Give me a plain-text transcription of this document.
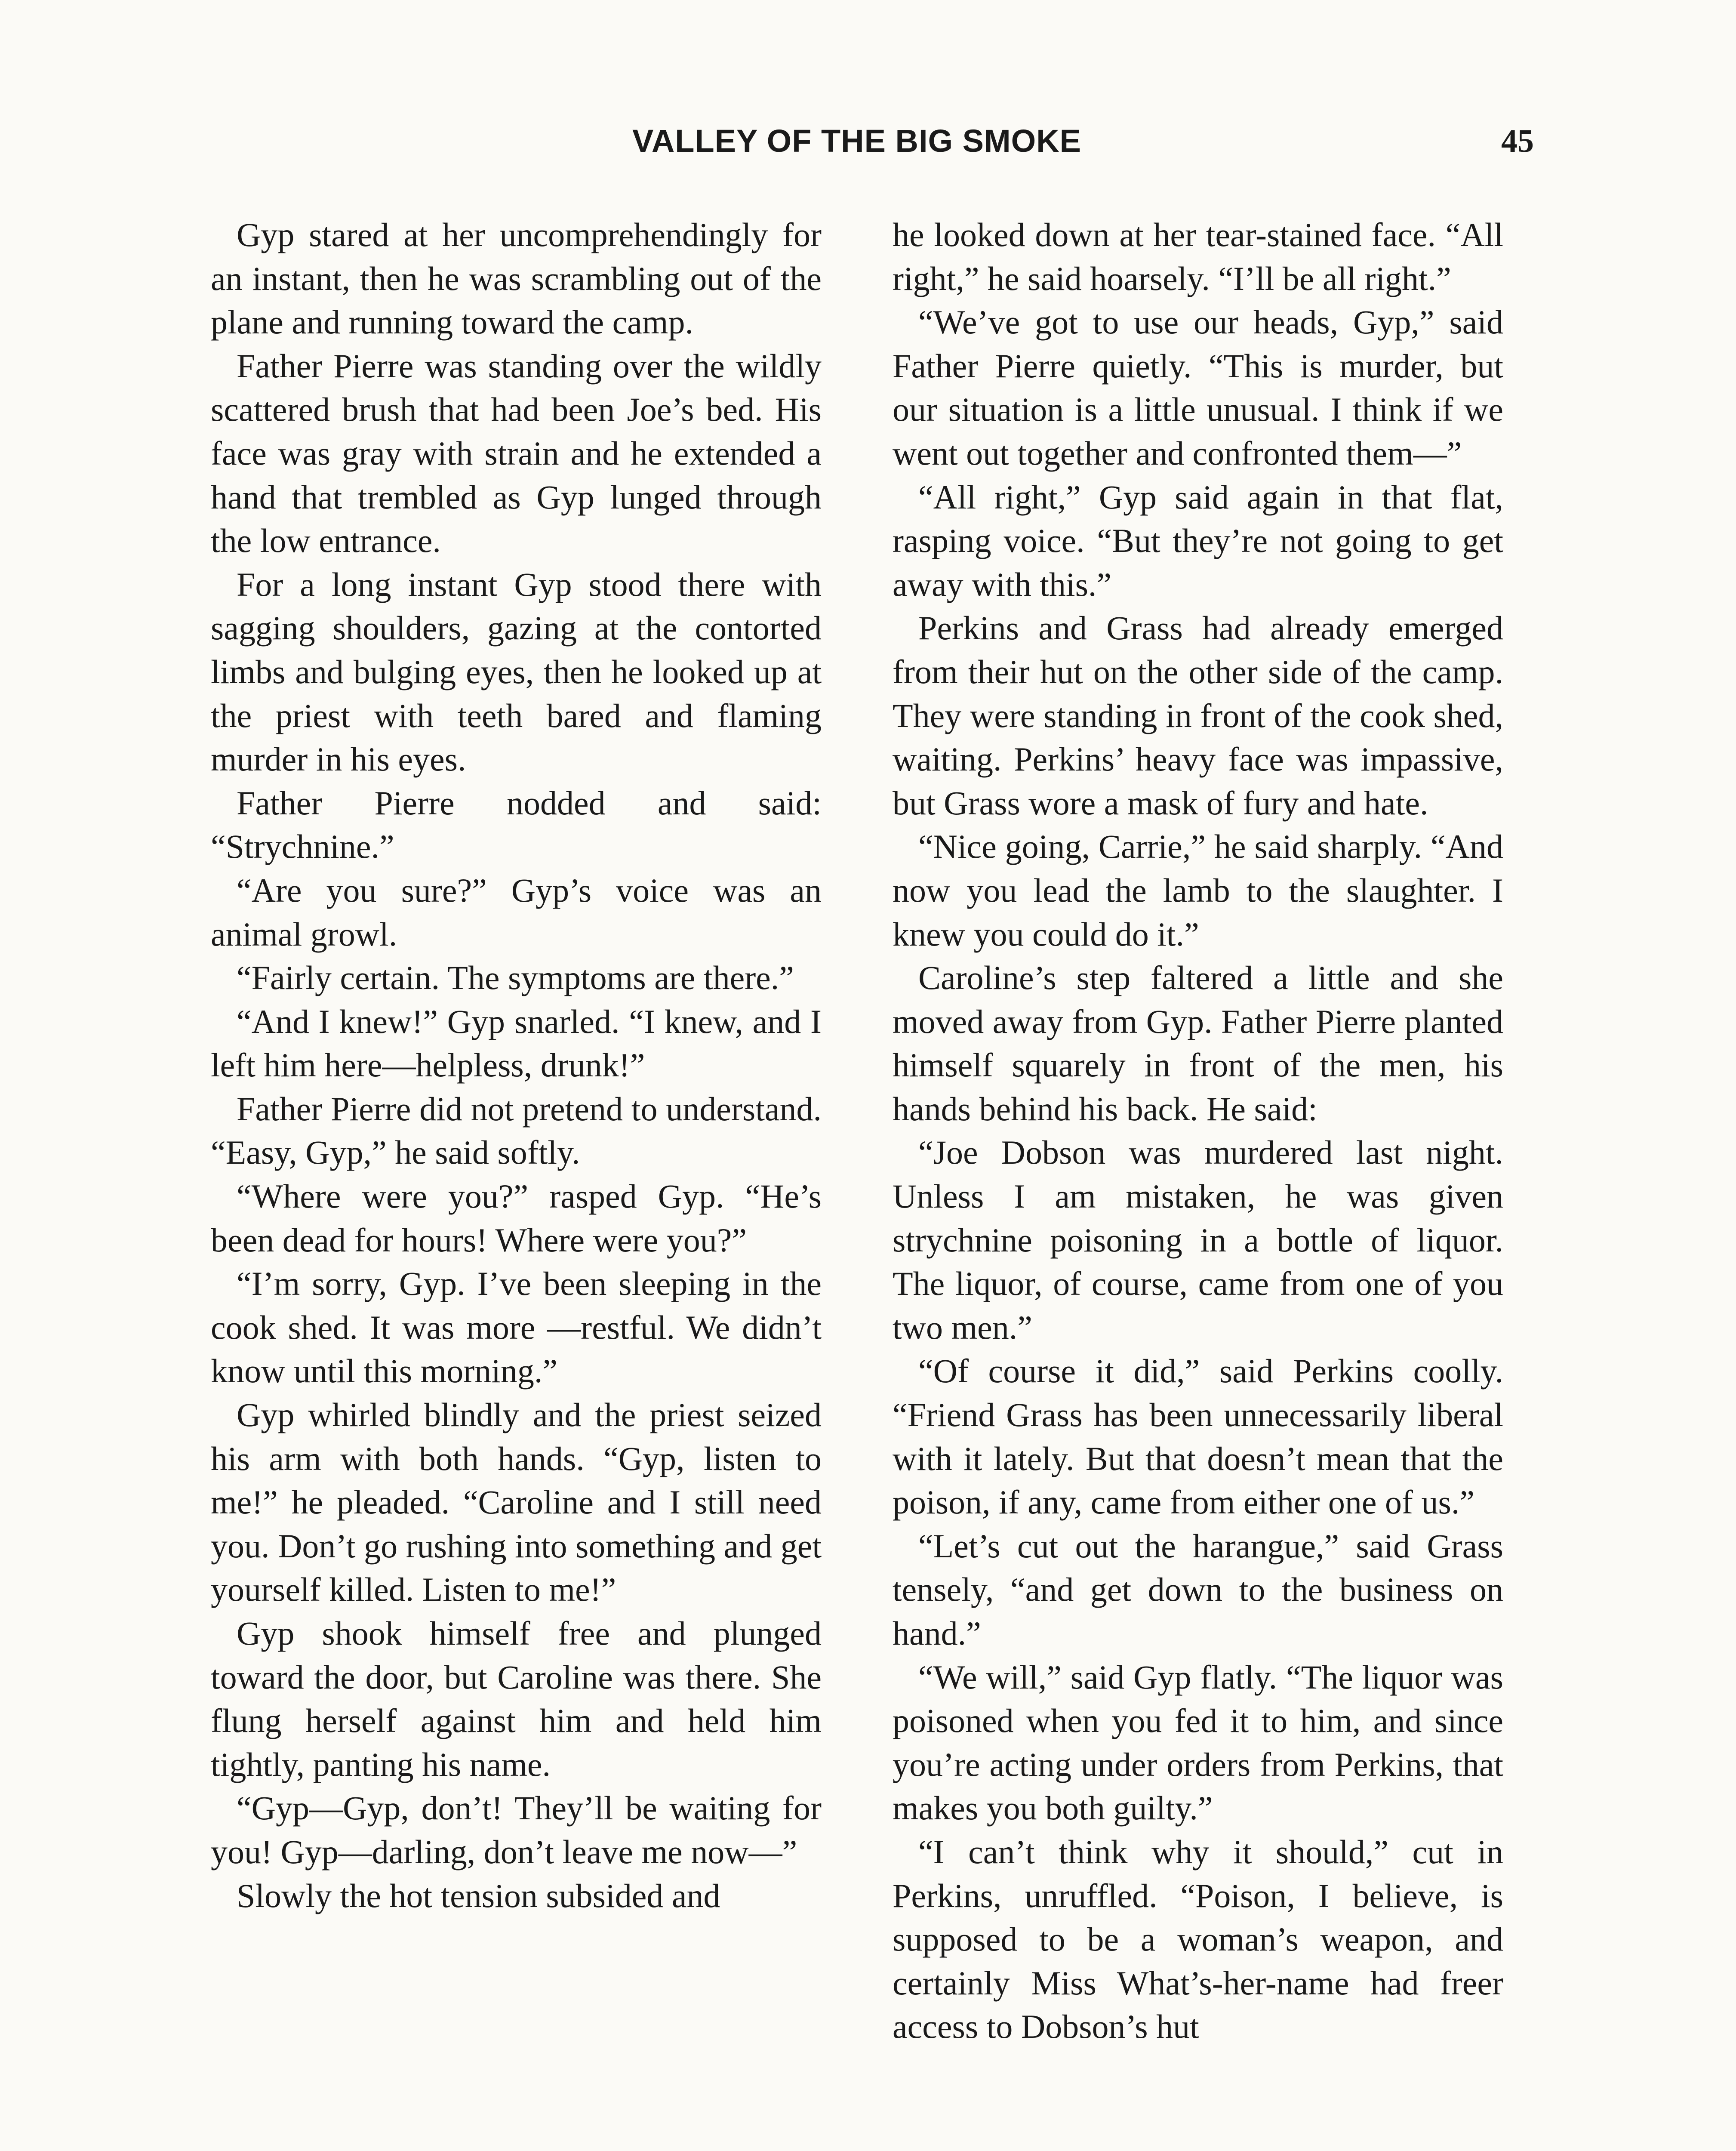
VALLEY OF THE BIG SMOKE	45

Gyp stared at her uncomprehendingly for an instant, then he was scrambling out of the plane and running toward the camp.

Father Pierre was standing over the wildly scattered brush that had been Joe’s bed. His face was gray with strain and he extended a hand that trembled as Gyp lunged through the low entrance.

For a long instant Gyp stood there with sagging shoulders, gazing at the contorted limbs and bulging eyes, then he looked up at the priest with teeth bared and flaming murder in his eyes.

Father Pierre nodded and said: “Strychnine.”

“Are you sure?” Gyp’s voice was an animal growl.

“Fairly certain. The symptoms are there.”

“And I knew!” Gyp snarled. “I knew, and I left him here—helpless, drunk!”

Father Pierre did not pretend to understand. “Easy, Gyp,” he said softly.

“Where were you?” rasped Gyp. “He’s been dead for hours! Where were you?”

“I’m sorry, Gyp. I’ve been sleeping in the cook shed. It was more —restful. We didn’t know until this morning.”

Gyp whirled blindly and the priest seized his arm with both hands. “Gyp, listen to me!” he pleaded. “Caroline and I still need you. Don’t go rushing into something and get yourself killed. Listen to me!”

Gyp shook himself free and plunged toward the door, but Caroline was there. She flung herself against him and held him tightly, panting his name.

“Gyp—Gyp, don’t! They’ll be waiting for you! Gyp—darling, don’t leave me now—”

Slowly the hot tension subsided and

he looked down at her tear-stained face. “All right,” he said hoarsely. “I’ll be all right.”

“We’ve got to use our heads, Gyp,” said Father Pierre quietly. “This is murder, but our situation is a little unusual. I think if we went out together and confronted them—”

“All right,” Gyp said again in that flat, rasping voice. “But they’re not going to get away with this.”

Perkins and Grass had already emerged from their hut on the other side of the camp. They were standing in front of the cook shed, waiting. Perkins’ heavy face was impassive, but Grass wore a mask of fury and hate.

“Nice going, Carrie,” he said sharply. “And now you lead the lamb to the slaughter. I knew you could do it.”

Caroline’s step faltered a little and she moved away from Gyp. Father Pierre planted himself squarely in front of the men, his hands behind his back. He said:

“Joe Dobson was murdered last night. Unless I am mistaken, he was given strychnine poisoning in a bottle of liquor. The liquor, of course, came from one of you two men.”

“Of course it did,” said Perkins coolly. “Friend Grass has been unnecessarily liberal with it lately. But that doesn’t mean that the poison, if any, came from either one of us.”

“Let’s cut out the harangue,” said Grass tensely, “and get down to the business on hand.”

“We will,” said Gyp flatly. “The liquor was poisoned when you fed it to him, and since you’re acting under orders from Perkins, that makes you both guilty.”

“I can’t think why it should,” cut in Perkins, unruffled. “Poison, I believe, is supposed to be a woman’s weapon, and certainly Miss What’s-her-name had freer access to Dobson’s hut
